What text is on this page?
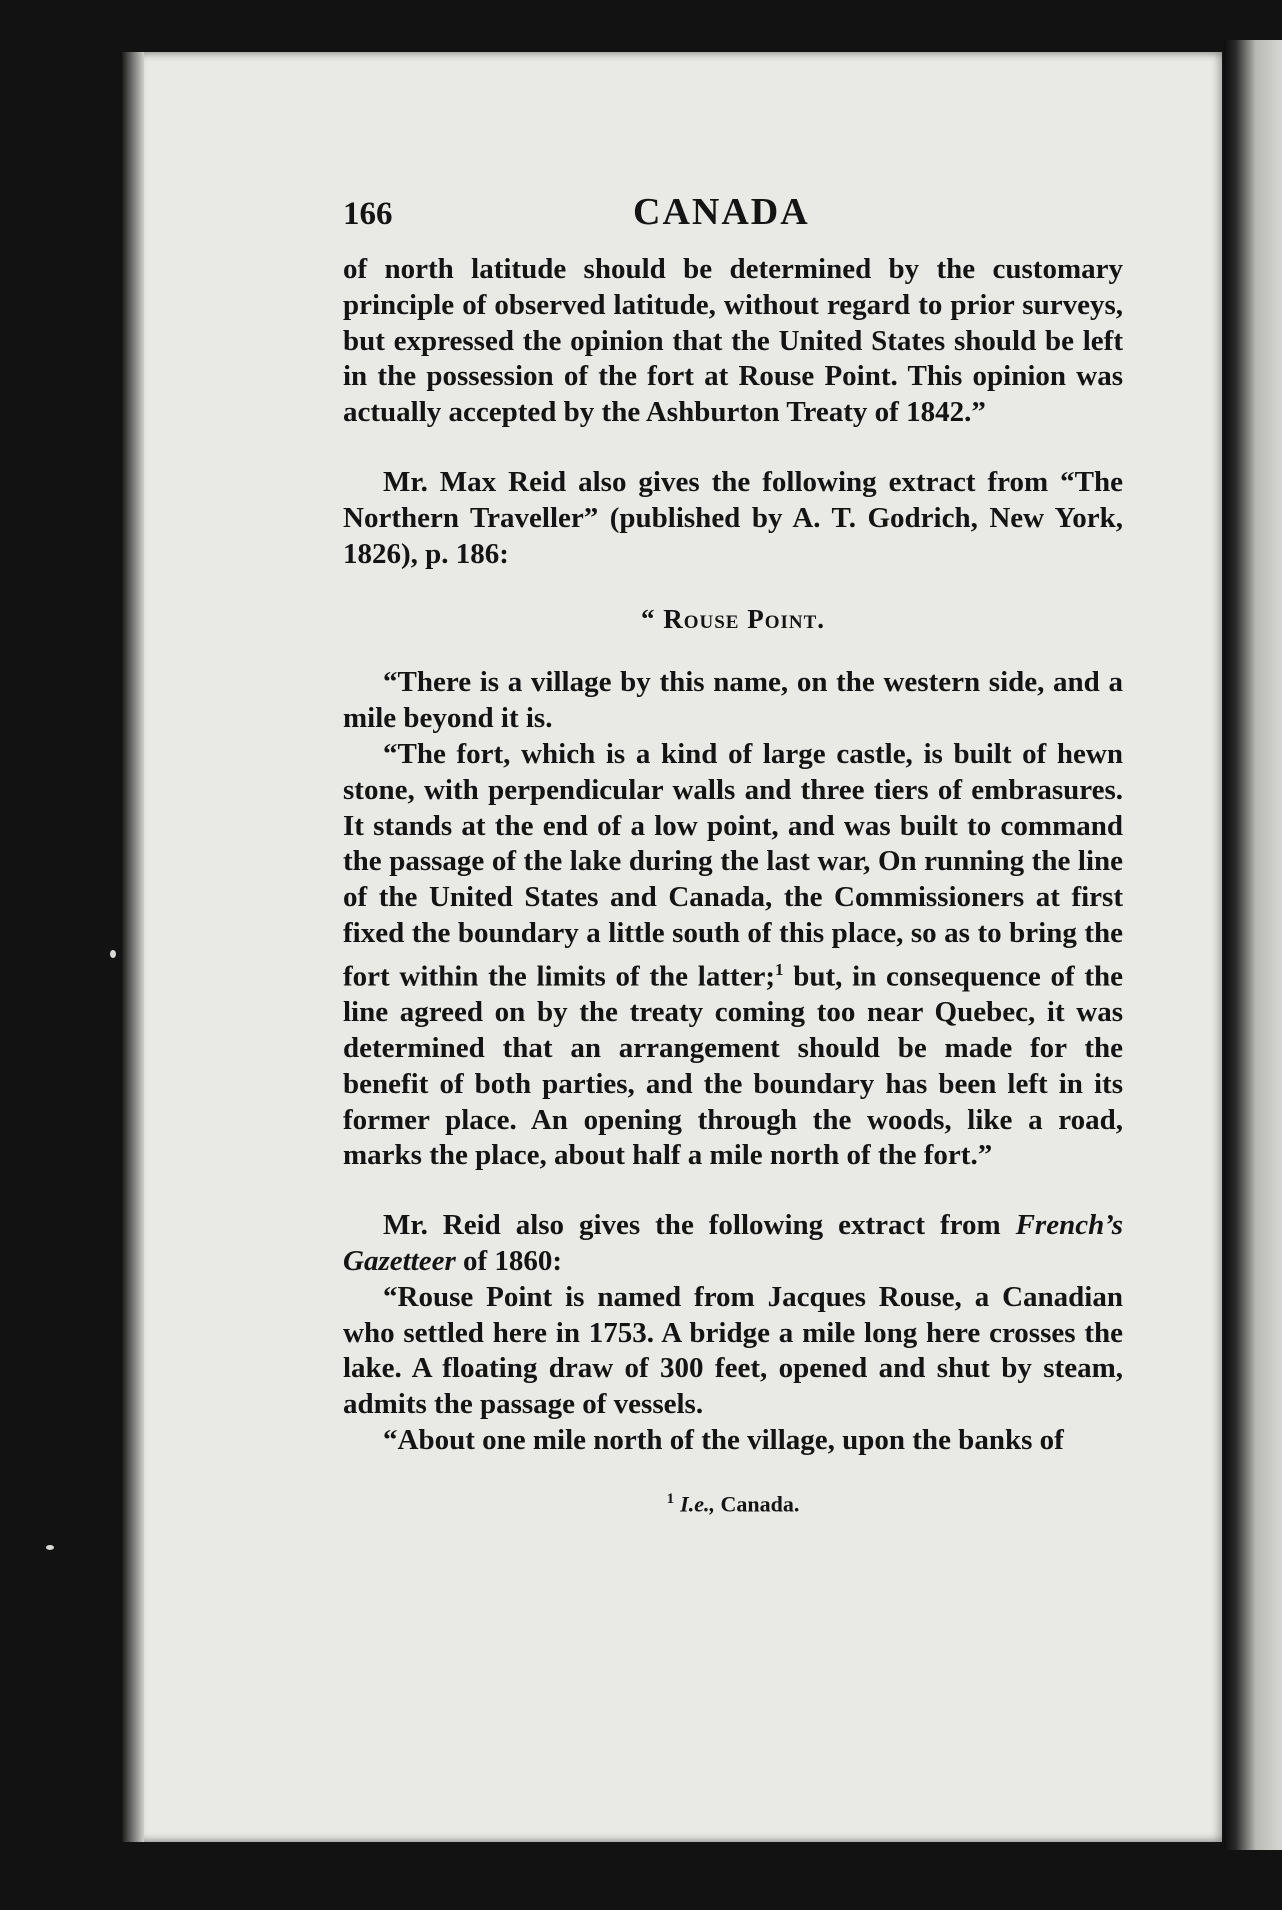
166	CANADA

of north latitude should be determined by the customary principle of observed latitude, without regard to prior surveys, but expressed the opinion that the United States should be left in the possession of the fort at Rouse Point. This opinion was actually accepted by the Ashburton Treaty of 1842.”

Mr. Max Reid also gives the following extract from “The Northern Traveller” (published by A. T. Godrich, New York, 1826), p. 186:

“ Rouse Point.

“There is a village by this name, on the western side, and a mile beyond it is.

“The fort, which is a kind of large castle, is built of hewn stone, with perpendicular walls and three tiers of embrasures. It stands at the end of a low point, and was built to command the passage of the lake during the last war, On running the line of the United States and Canada, the Commissioners at first fixed the boundary a little south of this place, so as to bring the fort within the limits of the latter;$^1$ but, in consequence of the line agreed on by the treaty coming too near Quebec, it was determined that an arrangement should be made for the benefit of both parties, and the boundary has been left in its former place. An opening through the woods, like a road, marks the place, about half a mile north of the fort.”

Mr. Reid also gives the following extract from French’s Gazetteer of 1860:

“Rouse Point is named from Jacques Rouse, a Canadian who settled here in 1753. A bridge a mile long here crosses the lake. A floating draw of 300 feet, opened and shut by steam, admits the passage of vessels.

“About one mile north of the village, upon the banks of

$^1$ I.e., Canada.
